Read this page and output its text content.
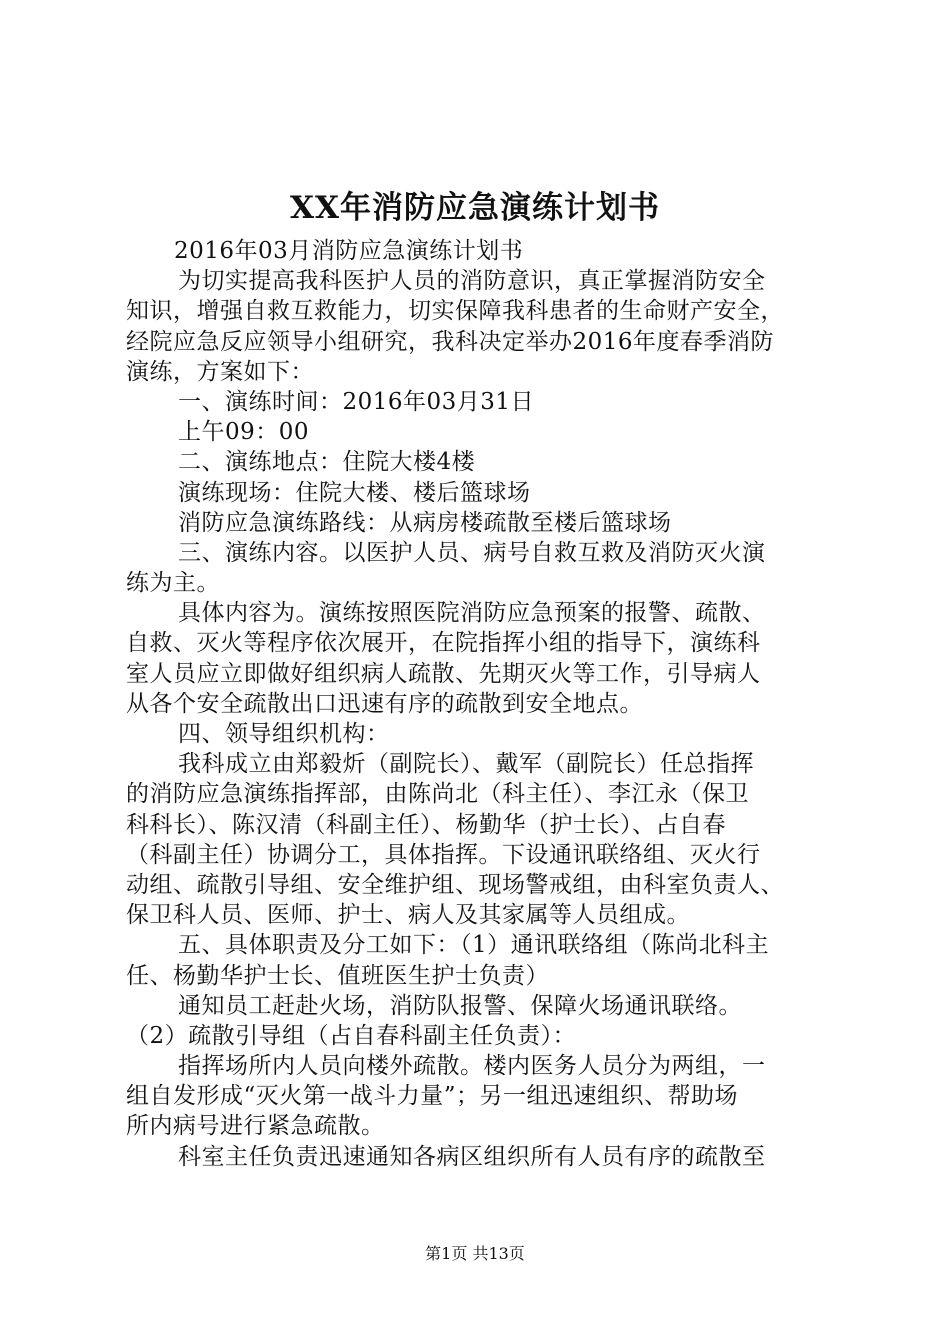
XX年消防应急演练计划书
2016年03月消防应急演练计划书
为切实提高我科医护人员的消防意识，真正掌握消防安全
知识，增强自救互救能力，切实保障我科患者的生命财产安全，
经院应急反应领导小组研究，我科决定举办2016年度春季消防
演练，方案如下：
一、演练时间：2016年03月31日
上午09：00
二、演练地点：住院大楼4楼
演练现场：住院大楼、楼后篮球场
消防应急演练路线：从病房楼疏散至楼后篮球场
三、演练内容。以医护人员、病号自救互救及消防灭火演
练为主。
具体内容为。演练按照医院消防应急预案的报警、疏散、
自救、灭火等程序依次展开，在院指挥小组的指导下，演练科
室人员应立即做好组织病人疏散、先期灭火等工作，引导病人
从各个安全疏散出口迅速有序的疏散到安全地点。
四、领导组织机构：
我科成立由郑毅炘（副院长）、戴军（副院长）任总指挥
的消防应急演练指挥部，由陈尚北（科主任）、李江永（保卫
科科长）、陈汉清（科副主任）、杨勤华（护士长）、占自春
（科副主任）协调分工，具体指挥。下设通讯联络组、灭火行
动组、疏散引导组、安全维护组、现场警戒组，由科室负责人、
保卫科人员、医师、护士、病人及其家属等人员组成。
五、具体职责及分工如下：（1）通讯联络组（陈尚北科主
任、杨勤华护士长、值班医生护士负责）
通知员工赶赴火场，消防队报警、保障火场通讯联络。
（2）疏散引导组（占自春科副主任负责）：
指挥场所内人员向楼外疏散。楼内医务人员分为两组，一
组自发形成“灭火第一战斗力量”；另一组迅速组织、帮助场
所内病号进行紧急疏散。
科室主任负责迅速通知各病区组织所有人员有序的疏散至
第1页 共13页
